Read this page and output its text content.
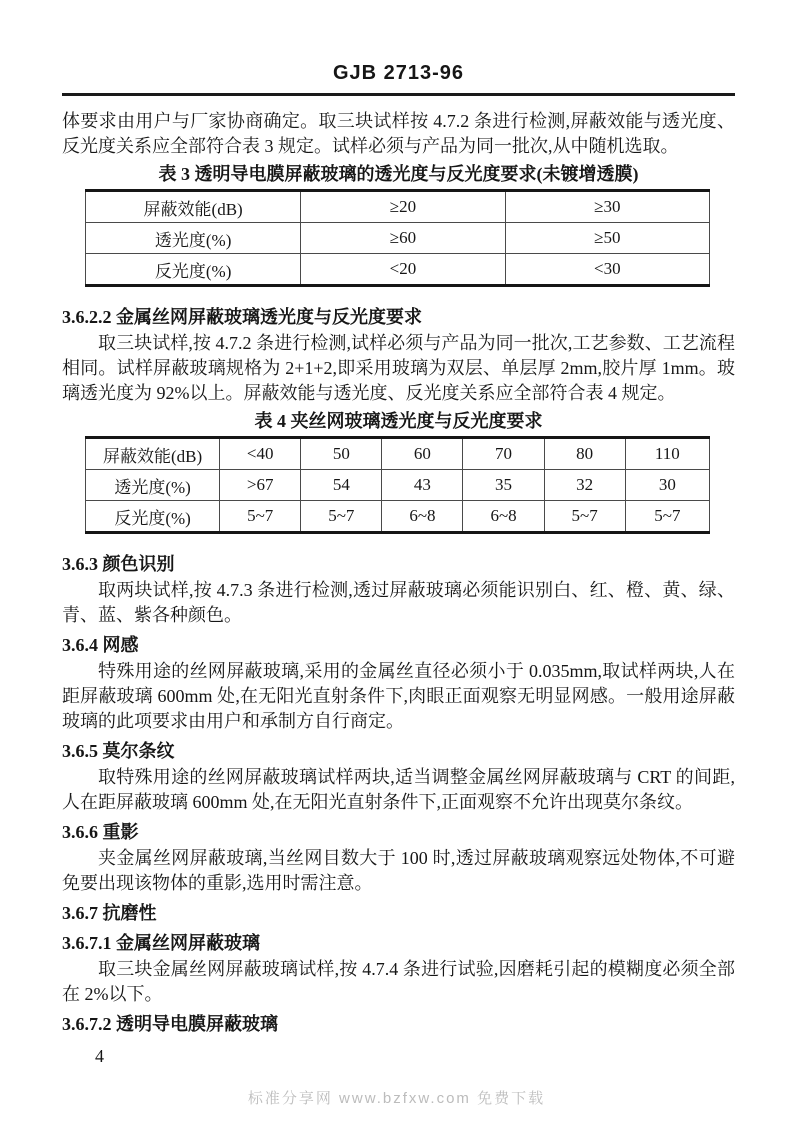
GJB 2713-96

体要求由用户与厂家协商确定。取三块试样按 4.7.2 条进行检测,屏蔽效能与透光度、反光度关系应全部符合表 3 规定。试样必须与产品为同一批次,从中随机选取。

表 3 透明导电膜屏蔽玻璃的透光度与反光度要求(未镀增透膜)

屏蔽效能(dB)	≥20	≥30
透光度(%)	≥60	≥50
反光度(%)	<20	<30
3.6.2.2 金属丝网屏蔽玻璃透光度与反光度要求

取三块试样,按 4.7.2 条进行检测,试样必须与产品为同一批次,工艺参数、工艺流程相同。试样屏蔽玻璃规格为 2+1+2,即采用玻璃为双层、单层厚 2mm,胶片厚 1mm。玻璃透光度为 92%以上。屏蔽效能与透光度、反光度关系应全部符合表 4 规定。

表 4 夹丝网玻璃透光度与反光度要求

屏蔽效能(dB)	<40	50	60	70	80	110
透光度(%)	>67	54	43	35	32	30
反光度(%)	5~7	5~7	6~8	6~8	5~7	5~7
3.6.3 颜色识别

取两块试样,按 4.7.3 条进行检测,透过屏蔽玻璃必须能识别白、红、橙、黄、绿、青、蓝、紫各种颜色。

3.6.4 网感

特殊用途的丝网屏蔽玻璃,采用的金属丝直径必须小于 0.035mm,取试样两块,人在距屏蔽玻璃 600mm 处,在无阳光直射条件下,肉眼正面观察无明显网感。一般用途屏蔽玻璃的此项要求由用户和承制方自行商定。

3.6.5 莫尔条纹

取特殊用途的丝网屏蔽玻璃试样两块,适当调整金属丝网屏蔽玻璃与 CRT 的间距,人在距屏蔽玻璃 600mm 处,在无阳光直射条件下,正面观察不允许出现莫尔条纹。

3.6.6 重影

夹金属丝网屏蔽玻璃,当丝网目数大于 100 时,透过屏蔽玻璃观察远处物体,不可避免要出现该物体的重影,选用时需注意。

3.6.7 抗磨性
3.6.7.1 金属丝网屏蔽玻璃

取三块金属丝网屏蔽玻璃试样,按 4.7.4 条进行试验,因磨耗引起的模糊度必须全部在 2%以下。

3.6.7.2 透明导电膜屏蔽玻璃
4
标准分享网 www.bzfxw.com 免费下载
